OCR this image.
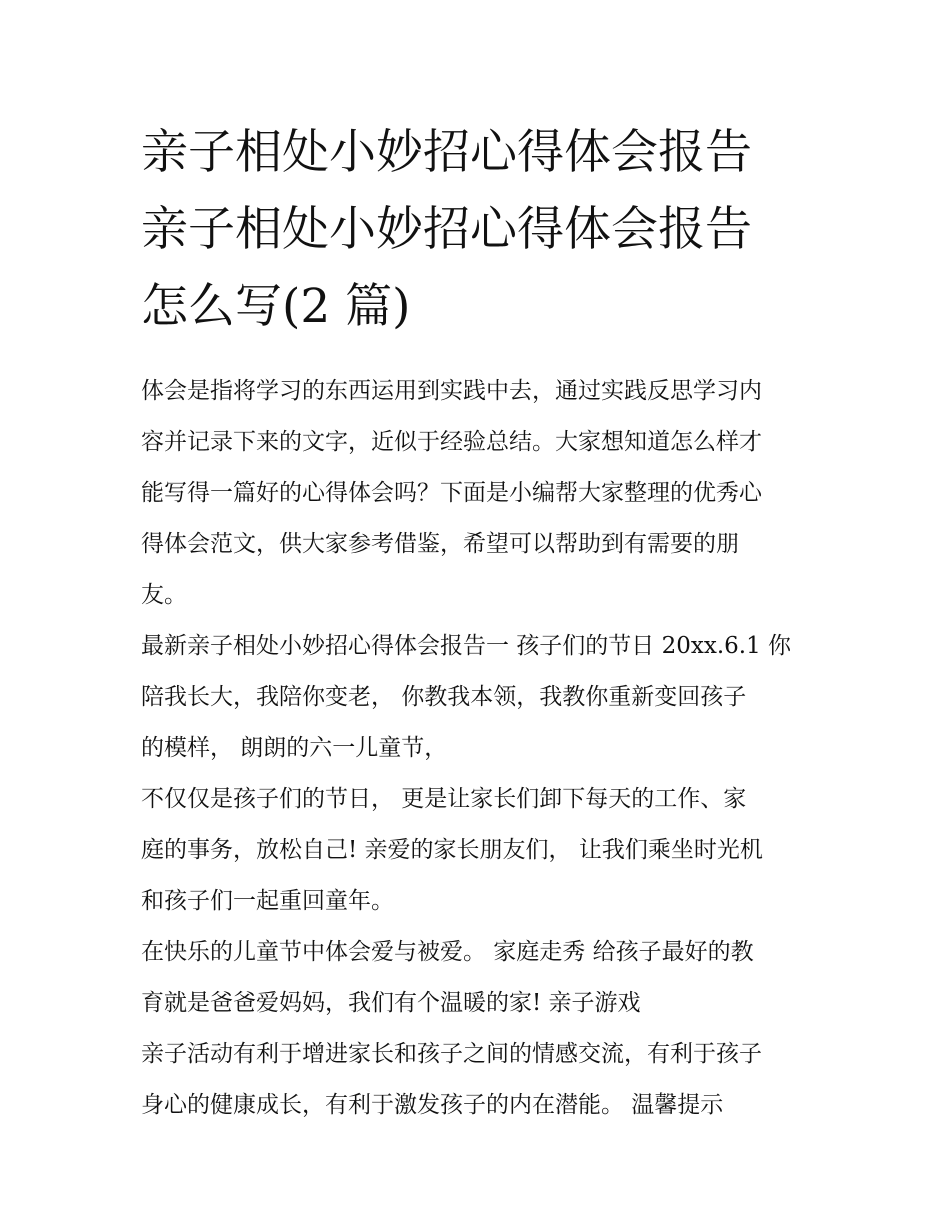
亲子相处小妙招心得体会报告
亲子相处小妙招心得体会报告
怎么写(2 篇)

体会是指将学习的东西运用到实践中去，通过实践反思学习内
容并记录下来的文字，近似于经验总结。大家想知道怎么样才
能写得一篇好的心得体会吗？下面是小编帮大家整理的优秀心
得体会范文，供大家参考借鉴，希望可以帮助到有需要的朋
友。

最新亲子相处小妙招心得体会报告一 孩子们的节日 20xx.6.1 你
陪我长大，我陪你变老， 你教我本领，我教你重新变回孩子
的模样， 朗朗的六一儿童节，

不仅仅是孩子们的节日， 更是让家长们卸下每天的工作、家
庭的事务，放松自己! 亲爱的家长朋友们， 让我们乘坐时光机
和孩子们一起重回童年。

在快乐的儿童节中体会爱与被爱。 家庭走秀 给孩子最好的教
育就是爸爸爱妈妈，我们有个温暖的家! 亲子游戏

亲子活动有利于增进家长和孩子之间的情感交流，有利于孩子
身心的健康成长，有利于激发孩子的内在潜能。 温馨提示
